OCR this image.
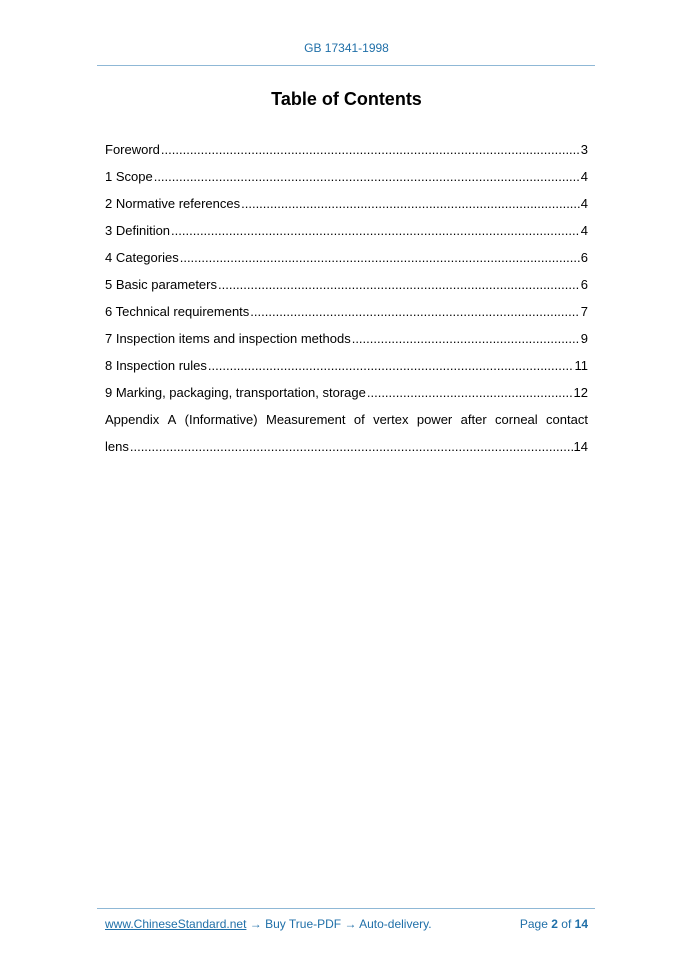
GB 17341-1998
Table of Contents
Foreword .....	3
1 Scope .....	4
2 Normative references .....	4
3 Definition .....	4
4 Categories .....	6
5 Basic parameters .....	6
6 Technical requirements .....	7
7 Inspection items and inspection methods .....	9
8 Inspection rules .....	11
9 Marking, packaging, transportation, storage .....	12
Appendix A (Informative) Measurement of vertex power after corneal contact
lens .....	14
www.ChineseStandard.net → Buy True-PDF → Auto-delivery.	Page 2 of 14
